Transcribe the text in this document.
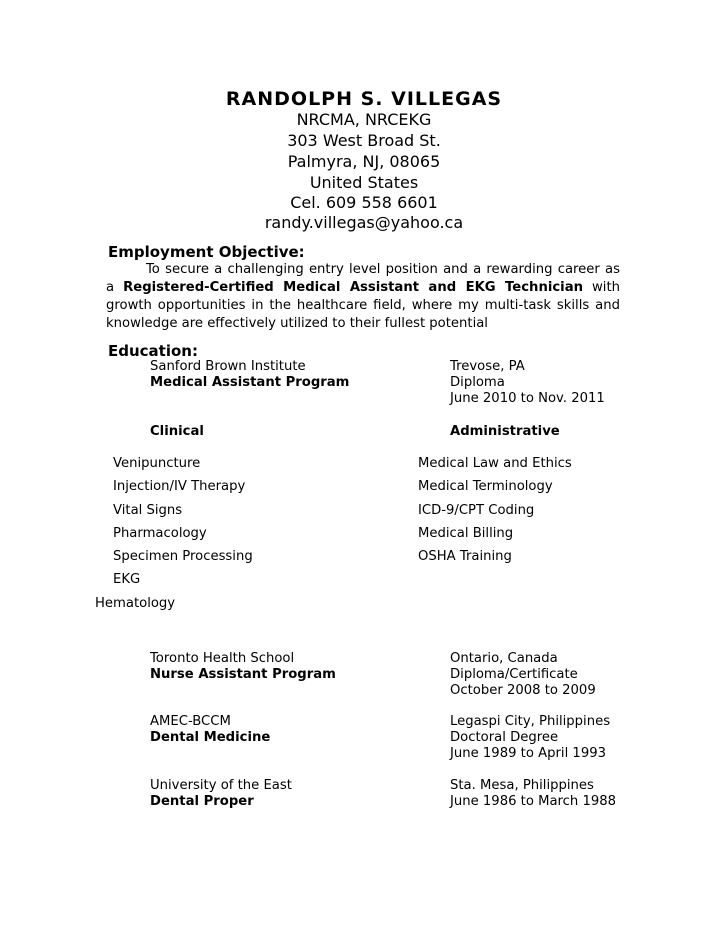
RANDOLPH S. VILLEGAS
NRCMA, NRCEKG
303 West Broad St.
Palmyra, NJ, 08065
United States
Cel. 609 558 6601
randy.villegas@yahoo.ca
Employment Objective:
To secure a challenging entry level position and a rewarding career as a Registered-Certified Medical Assistant and EKG Technician with growth opportunities in the healthcare field, where my multi-task skills and knowledge are effectively utilized to their fullest potential
Education:
Sanford Brown Institute
Medical Assistant Program
Trevose, PA
Diploma
June 2010 to Nov. 2011
Clinical	Administrative
Venipuncture
Injection/IV Therapy
Vital Signs
Pharmacology
Specimen Processing
EKG
Hematology
Medical Law and Ethics
Medical Terminology
ICD-9/CPT Coding
Medical Billing
OSHA Training
Toronto Health School
Nurse Assistant Program
Ontario, Canada
Diploma/Certificate
October 2008 to 2009
AMEC-BCCM
Dental Medicine
Legaspi City, Philippines
Doctoral Degree
June 1989 to April 1993
University of the East
Dental Proper
Sta. Mesa, Philippines
June 1986 to March 1988
